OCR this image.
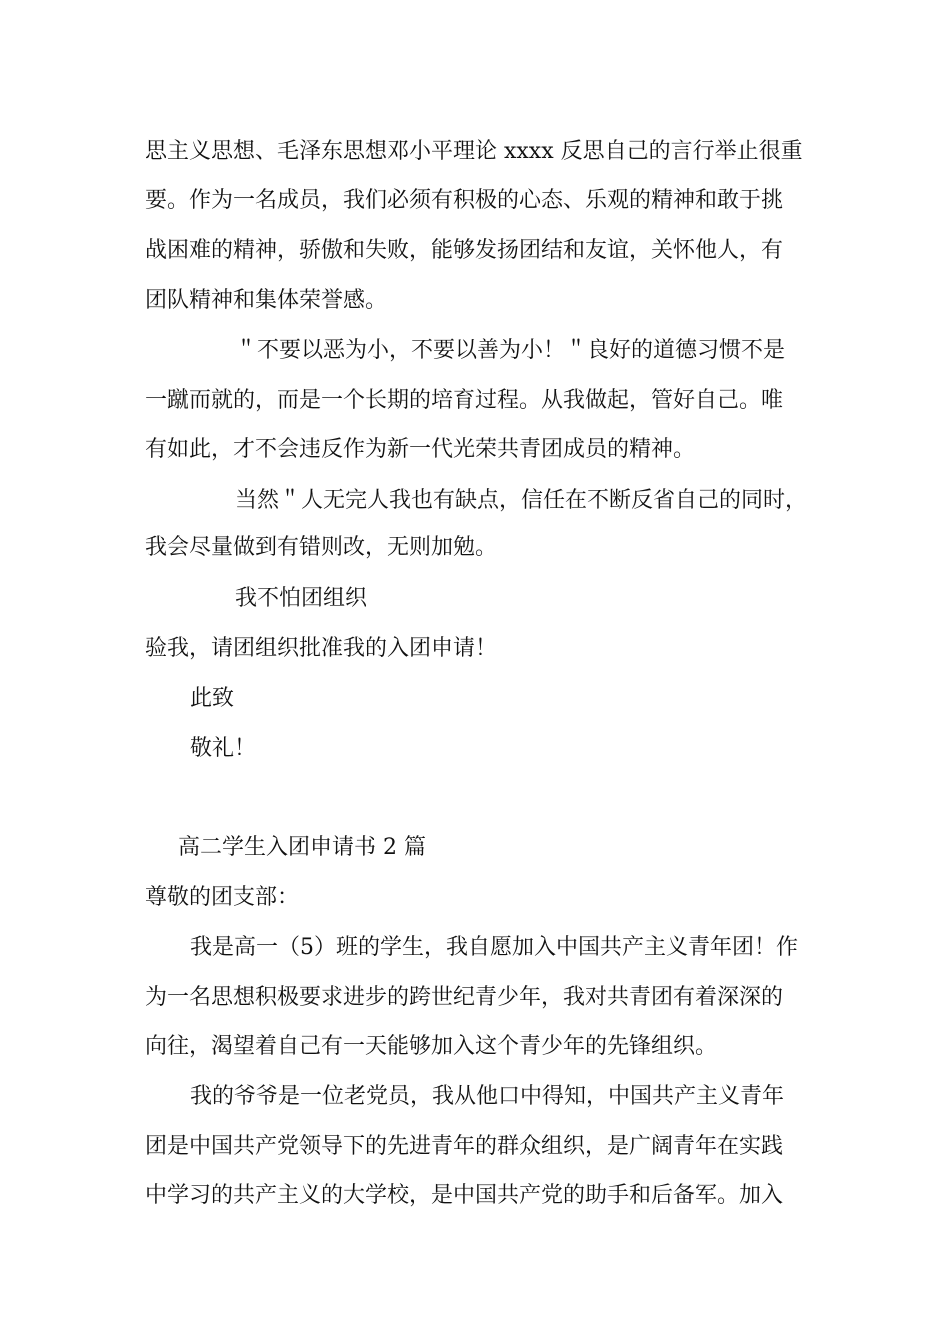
思主义思想、毛泽东思想邓小平理论 xxxx 反思自己的言行举止很重
要。作为一名成员，我们必须有积极的心态、乐观的精神和敢于挑
战困难的精神，骄傲和失败，能够发扬团结和友谊，关怀他人，有
团队精神和集体荣誉感。
＂不要以恶为小，不要以善为小！＂良好的道德习惯不是
一蹴而就的，而是一个长期的培育过程。从我做起，管好自己。唯
有如此，才不会违反作为新一代光荣共青团成员的精神。
当然＂人无完人我也有缺点，信任在不断反省自己的同时，
我会尽量做到有错则改，无则加勉。
我不怕团组织
验我，请团组织批准我的入团申请！
此致
敬礼！
高二学生入团申请书 2 篇
尊敬的团支部：
我是高一（5）班的学生，我自愿加入中国共产主义青年团！作
为一名思想积极要求进步的跨世纪青少年，我对共青团有着深深的
向往，渴望着自己有一天能够加入这个青少年的先锋组织。
我的爷爷是一位老党员，我从他口中得知，中国共产主义青年
团是中国共产党领导下的先进青年的群众组织，是广阔青年在实践
中学习的共产主义的大学校，是中国共产党的助手和后备军。加入
